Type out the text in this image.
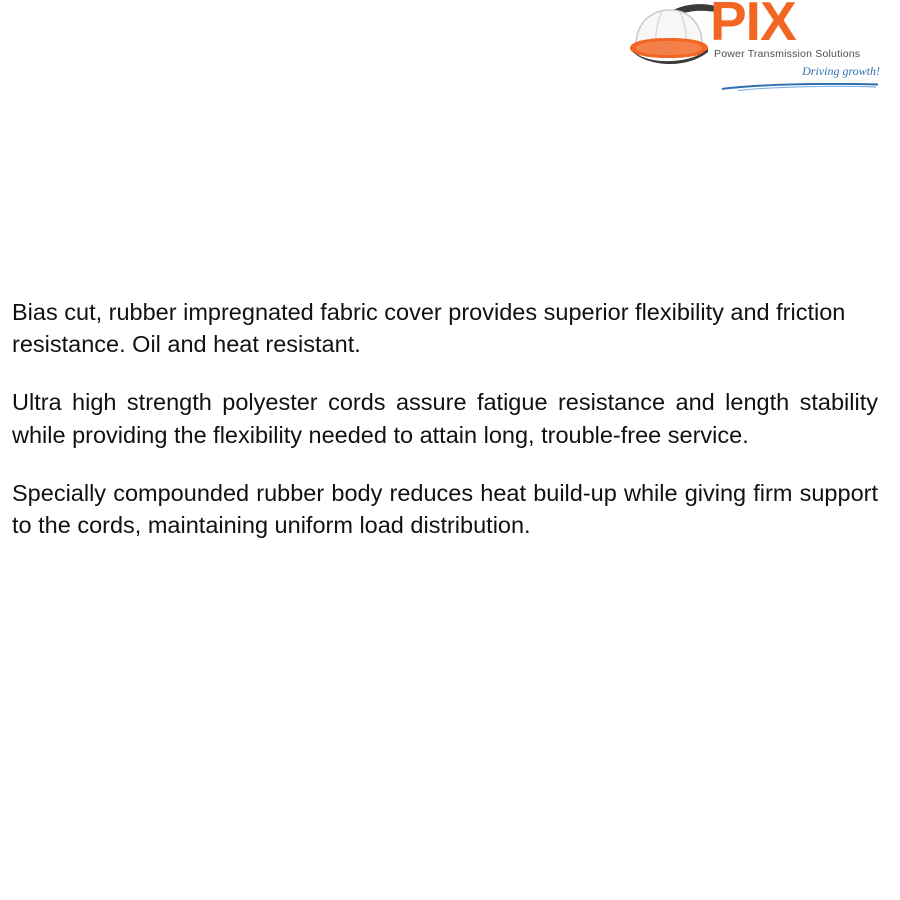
PIX
Power Transmission Solutions
Driving growth!

Bias cut, rubber impregnated fabric cover provides superior flexibility and friction resistance. Oil and heat resistant.

Ultra high strength polyester cords assure fatigue resistance and length stability while providing the flexibility needed to attain long, trouble-free service.

Specially compounded rubber body reduces heat build-up while giving firm support to the cords, maintaining uniform load distribution.
